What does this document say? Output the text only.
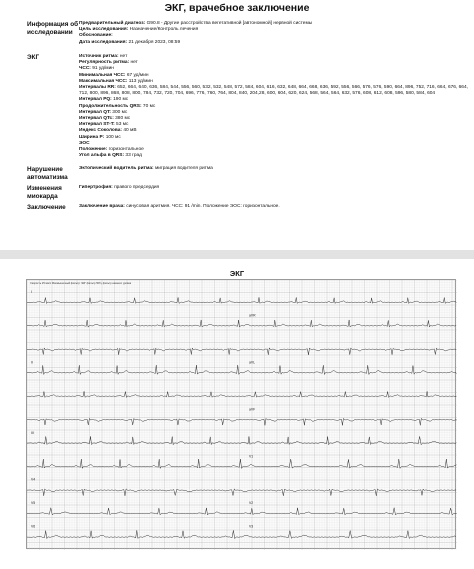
ЭКГ, врачебное заключение
Информация об исследовании
Предварительный диагноз: G90.8 - Другие расстройства вегетативной [автономной] нервной системы
Цель исследования: Назначение/Контроль лечения
Обоснование:
Дата исследования: 21 декабря 2023, 08:59
ЭКГ	Источник ритма: нет
Регулярность ритма: нет
ЧСС: 91 уд/мин
Минимальная ЧСС: 67 уд/мин
Максимальная ЧСС: 113 уд/мин
Интервалы RR: 652, 664, 640, 636, 584, 544, 556, 560, 532, 532, 548, 572, 584, 604, 616, 632, 648, 664, 668, 636, 592, 556, 566, 576, 576, 590, 664, 896, 752, 716, 664, 676, 664, 712, 800, 896, 868, 808, 800, 784, 732, 720, 704, 696, 776, 760, 764, 804, 840, 204,28, 600, 604, 620, 624, 568, 564, 564, 632, 576, 608, 612, 608, 596, 580, 584, 604
Интервал PQ: 190 мс
Продолжительность QRS: 70 мс
Интервал QT: 300 мс
Интервал QTc: 380 мс
Интервал ST-T: 53 мс
Индекс Соколова: 40 мВ
Ширина P: 100 мс
ЭОС
Положение: горизонтальное
Угол альфа в QRS: 33 град
Нарушение автоматизма
Эктопический водитель ритма: миграция водителя ритма
Изменения миокарда
Гипертрофия: правого предсердия
Заключение	Заключение врача: синусовая аритмия. ЧСС: 91 /min. Положение ЭОС: горизонтальное.
ЭКГ
I
II
III
aVR
aVL
aVF
V1
V2
V3
V4
V5
V6
Скорость 25 мм/с Миомышечный фильтр: ЭКГ фильтр 50Гц фильтр нижнего уровня
